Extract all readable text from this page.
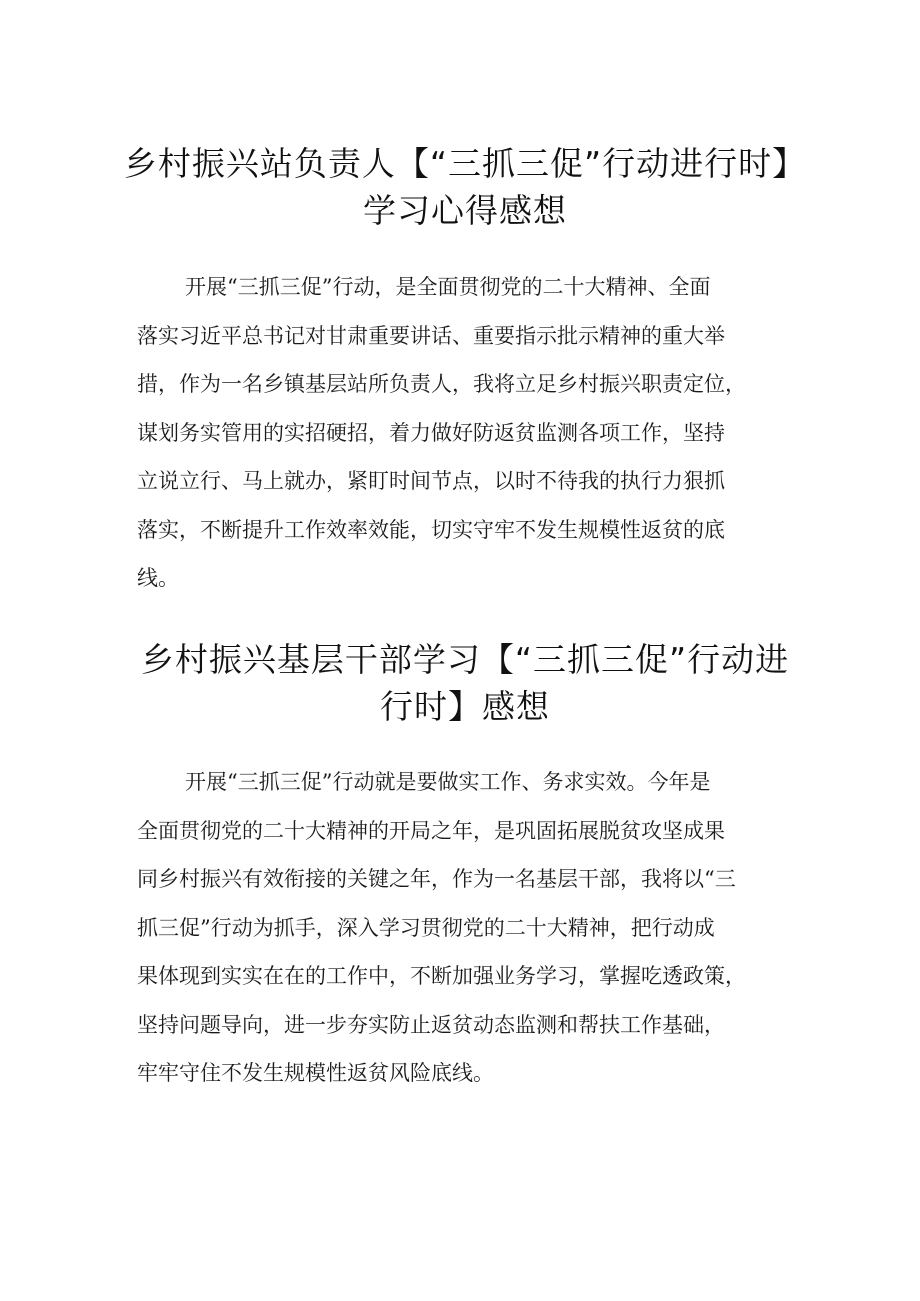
乡村振兴站负责人【“三抓三促”行动进行时】
学习心得感想
开展“三抓三促”行动，是全面贯彻党的二十大精神、全面
落实习近平总书记对甘肃重要讲话、重要指示批示精神的重大举
措，作为一名乡镇基层站所负责人，我将立足乡村振兴职责定位，
谋划务实管用的实招硬招，着力做好防返贫监测各项工作，坚持
立说立行、马上就办，紧盯时间节点，以时不待我的执行力狠抓
落实，不断提升工作效率效能，切实守牢不发生规模性返贫的底
线。
乡村振兴基层干部学习【“三抓三促”行动进
行时】感想
开展“三抓三促”行动就是要做实工作、务求实效。今年是
全面贯彻党的二十大精神的开局之年，是巩固拓展脱贫攻坚成果
同乡村振兴有效衔接的关键之年，作为一名基层干部，我将以“三
抓三促”行动为抓手，深入学习贯彻党的二十大精神，把行动成
果体现到实实在在的工作中，不断加强业务学习，掌握吃透政策，
坚持问题导向，进一步夯实防止返贫动态监测和帮扶工作基础，
牢牢守住不发生规模性返贫风险底线。
